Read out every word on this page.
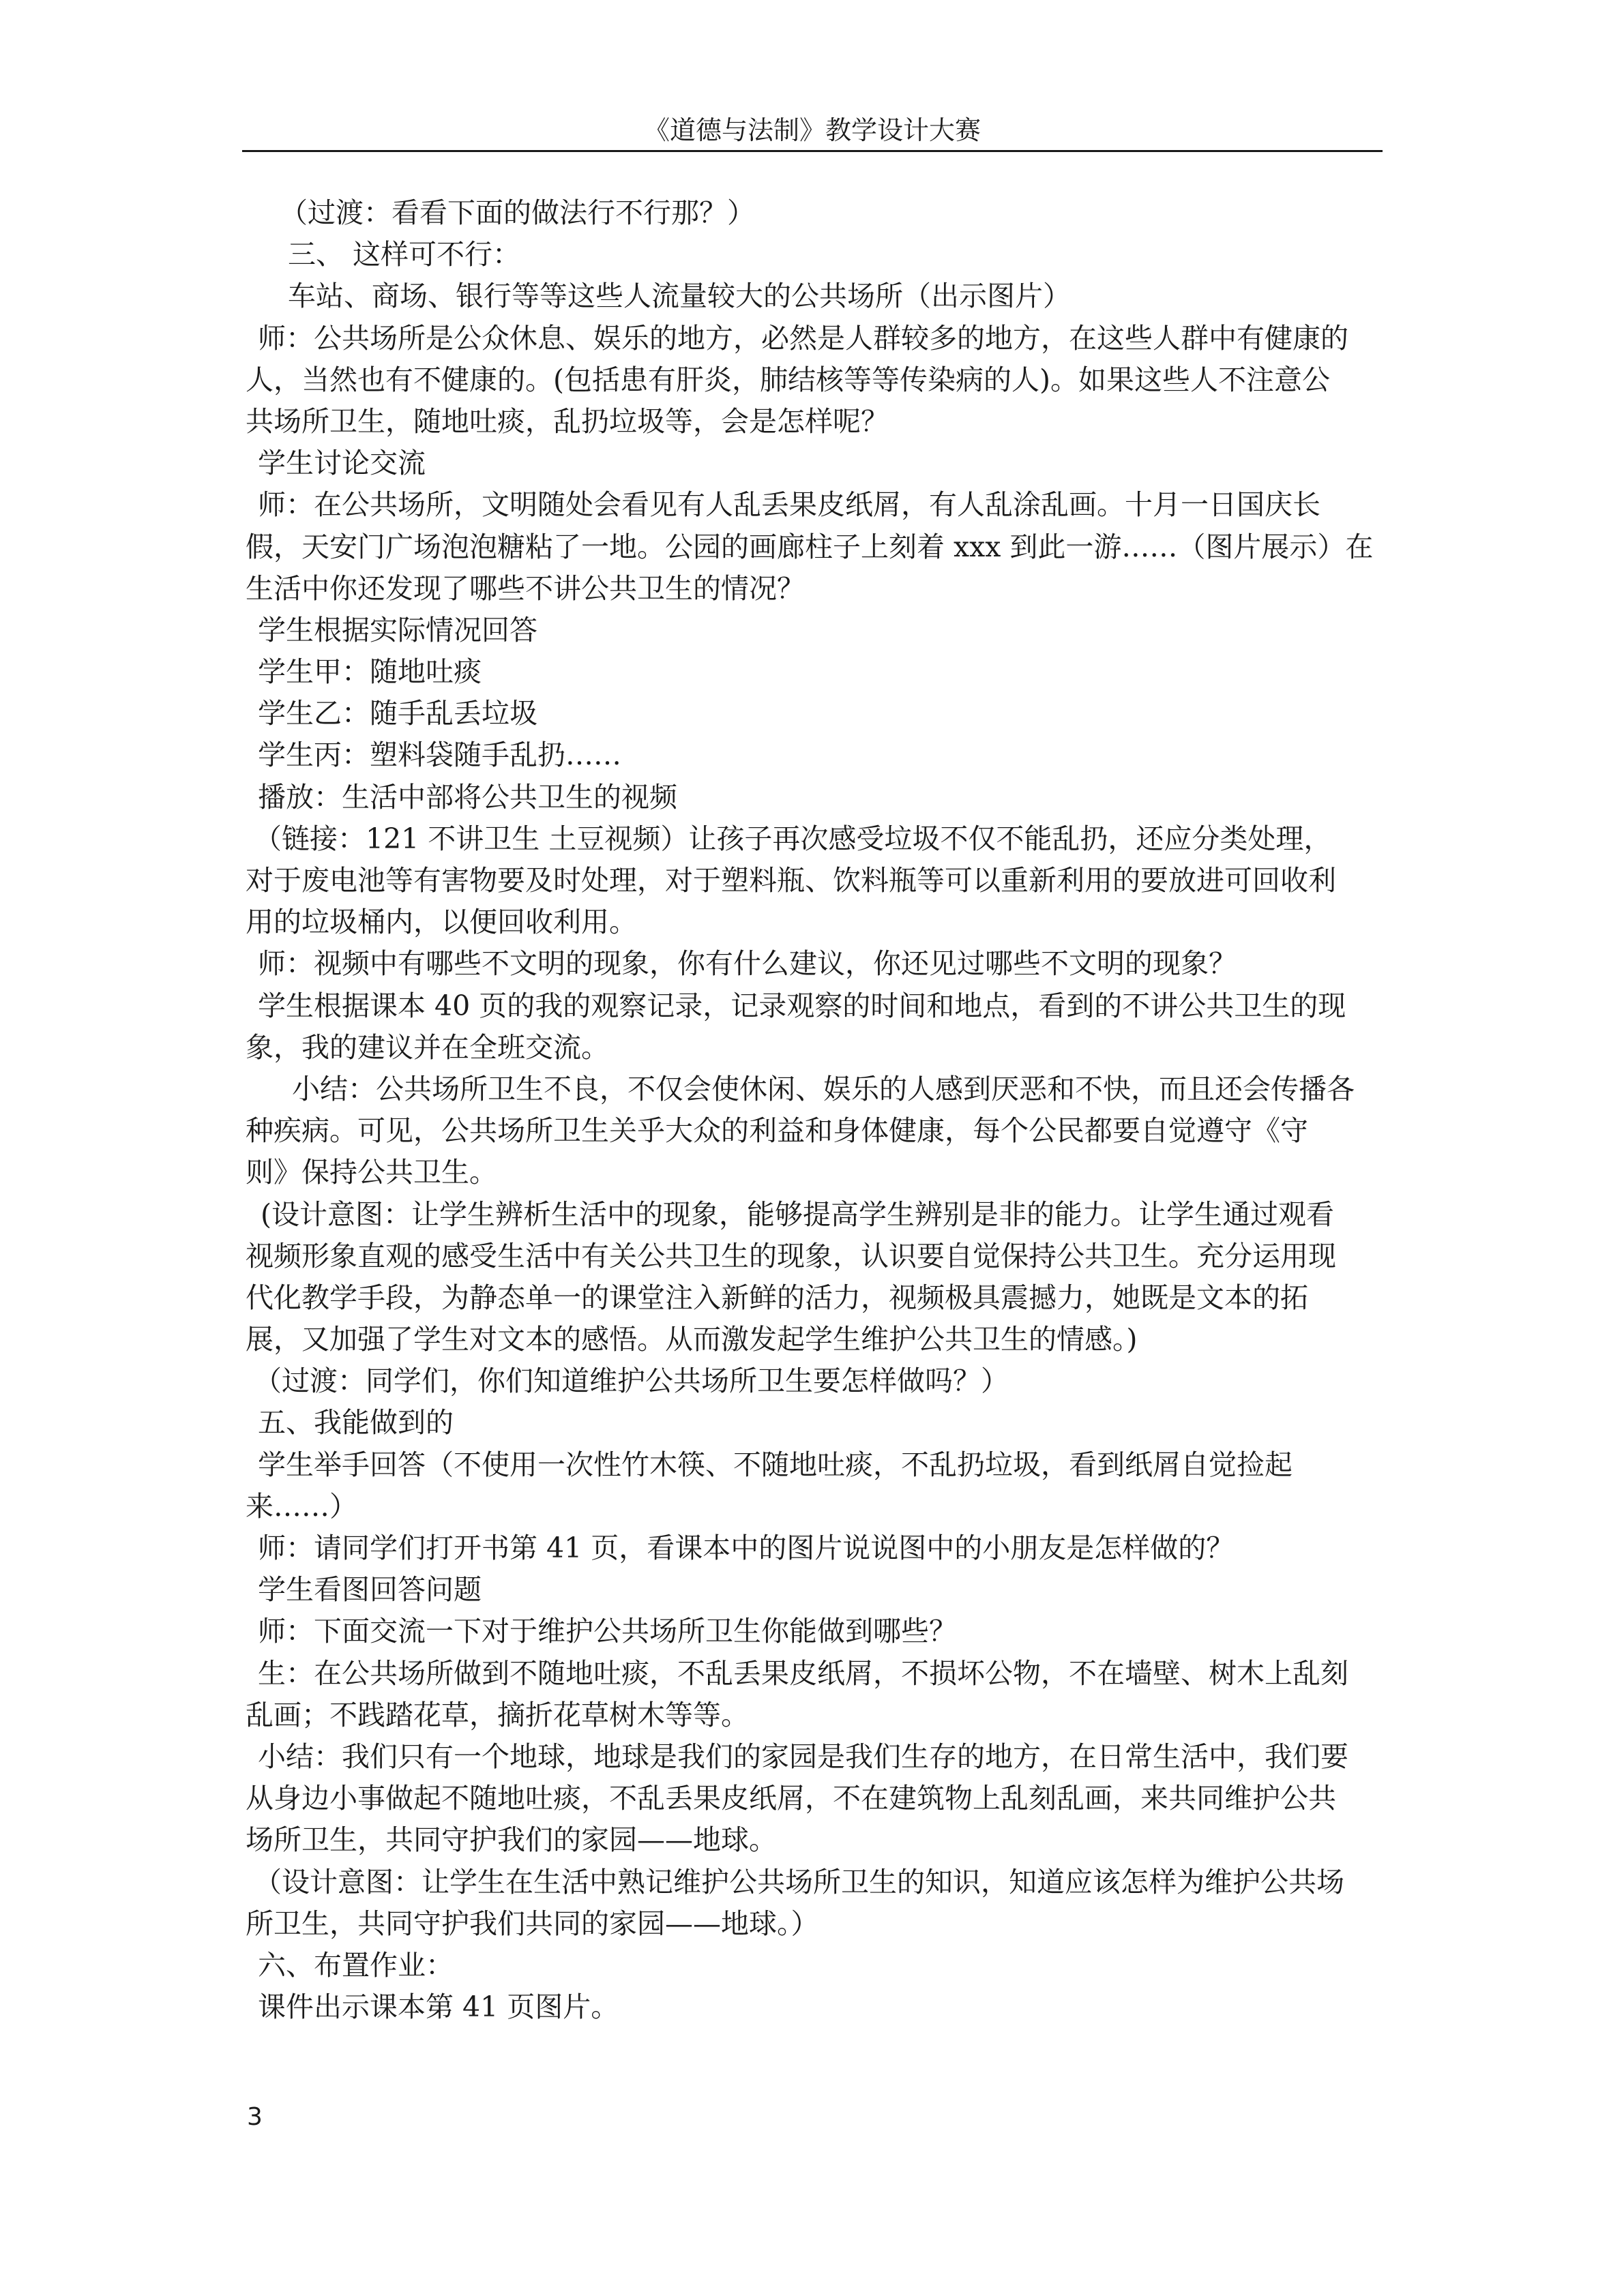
《道德与法制》教学设计大赛
（过渡：看看下面的做法行不行那？）
三、 这样可不行：
车站、商场、银行等等这些人流量较大的公共场所（出示图片）
师：公共场所是公众休息、娱乐的地方，必然是人群较多的地方，在这些人群中有健康的
人，当然也有不健康的。(包括患有肝炎，肺结核等等传染病的人)。如果这些人不注意公
共场所卫生，随地吐痰，乱扔垃圾等，会是怎样呢？
学生讨论交流
师：在公共场所，文明随处会看见有人乱丢果皮纸屑，有人乱涂乱画。十月一日国庆长
假，天安门广场泡泡糖粘了一地。公园的画廊柱子上刻着 xxx 到此一游……（图片展示）在
生活中你还发现了哪些不讲公共卫生的情况？
学生根据实际情况回答
学生甲：随地吐痰
学生乙：随手乱丢垃圾
学生丙：塑料袋随手乱扔……
播放：生活中部将公共卫生的视频
（链接：121 不讲卫生 土豆视频）让孩子再次感受垃圾不仅不能乱扔，还应分类处理，
对于废电池等有害物要及时处理，对于塑料瓶、饮料瓶等可以重新利用的要放进可回收利
用的垃圾桶内，以便回收利用。
师：视频中有哪些不文明的现象，你有什么建议，你还见过哪些不文明的现象？
学生根据课本 40 页的我的观察记录，记录观察的时间和地点，看到的不讲公共卫生的现
象，我的建议并在全班交流。
小结：公共场所卫生不良，不仅会使休闲、娱乐的人感到厌恶和不快，而且还会传播各
种疾病。可见，公共场所卫生关乎大众的利益和身体健康，每个公民都要自觉遵守《守
则》保持公共卫生。
(设计意图：让学生辨析生活中的现象，能够提高学生辨别是非的能力。让学生通过观看
视频形象直观的感受生活中有关公共卫生的现象，认识要自觉保持公共卫生。充分运用现
代化教学手段，为静态单一的课堂注入新鲜的活力，视频极具震撼力，她既是文本的拓
展，又加强了学生对文本的感悟。从而激发起学生维护公共卫生的情感。)
（过渡：同学们，你们知道维护公共场所卫生要怎样做吗？）
五、我能做到的
学生举手回答（不使用一次性竹木筷、不随地吐痰，不乱扔垃圾，看到纸屑自觉捡起
来……）
师：请同学们打开书第 41 页，看课本中的图片说说图中的小朋友是怎样做的？
学生看图回答问题
师：下面交流一下对于维护公共场所卫生你能做到哪些？
生：在公共场所做到不随地吐痰，不乱丢果皮纸屑，不损坏公物，不在墙壁、树木上乱刻
乱画；不践踏花草，摘折花草树木等等。
小结：我们只有一个地球，地球是我们的家园是我们生存的地方，在日常生活中，我们要
从身边小事做起不随地吐痰，不乱丢果皮纸屑，不在建筑物上乱刻乱画，来共同维护公共
场所卫生，共同守护我们的家园——地球。
（设计意图：让学生在生活中熟记维护公共场所卫生的知识，知道应该怎样为维护公共场
所卫生，共同守护我们共同的家园——地球。）
六、布置作业：
课件出示课本第 41 页图片。
3
